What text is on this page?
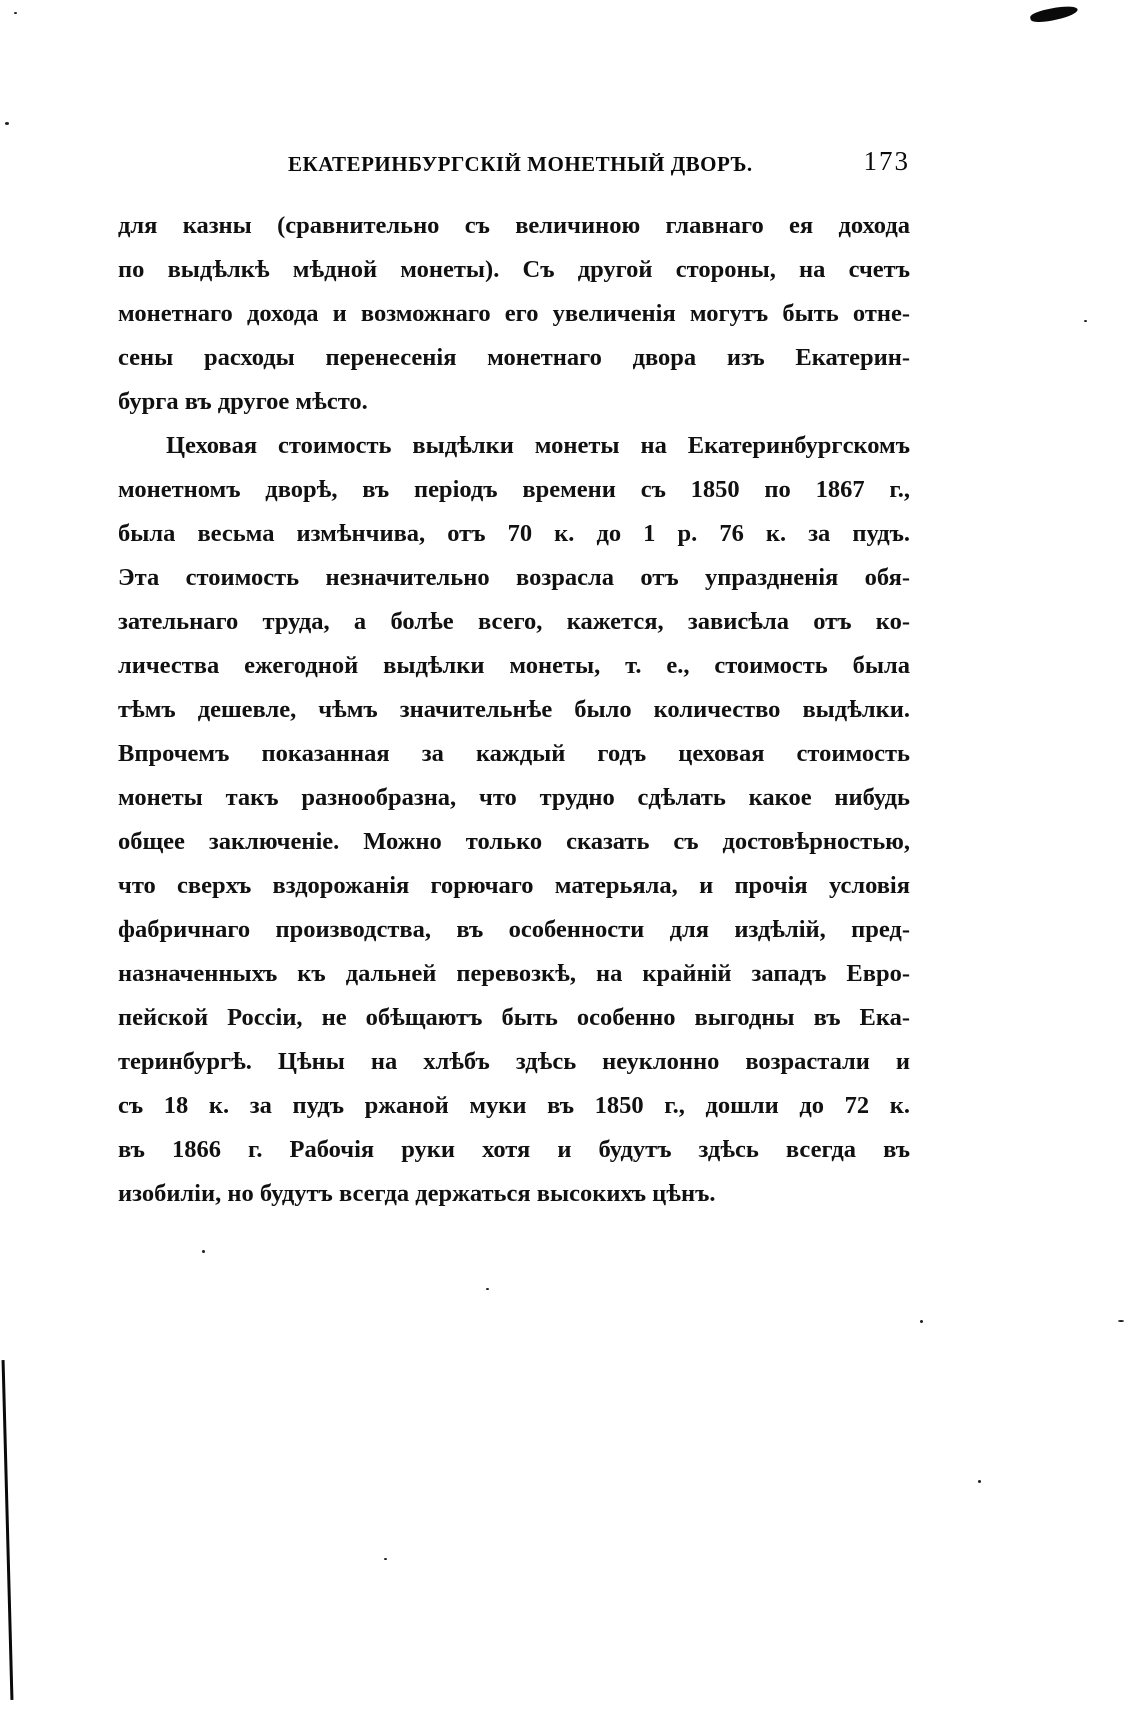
ЕКАТЕРИНБУРГСКІЙ МОНЕТНЫЙ ДВОРЪ.	173
для казны (сравнительно съ величиною главнаго ея дохода
по выдѣлкѣ мѣдной монеты). Съ другой стороны, на счетъ
монетнаго дохода и возможнаго его увеличенія могутъ быть отне-
сены расходы перенесенія монетнаго двора изъ Екатерин-
бурга въ другое мѣсто.
Цеховая стоимость выдѣлки монеты на Екатеринбургскомъ
монетномъ дворѣ, въ періодъ времени съ 1850 по 1867 г.,
была весьма измѣнчива, отъ 70 к. до 1 р. 76 к. за пудъ.
Эта стоимость незначительно возрасла отъ упраздненія обя-
зательнаго труда, а болѣе всего, кажется, зависѣла отъ ко-
личества ежегодной выдѣлки монеты, т. е., стоимость была
тѣмъ дешевле, чѣмъ значительнѣе было количество выдѣлки.
Впрочемъ показанная за каждый годъ цеховая стоимость
монеты такъ разнообразна, что трудно сдѣлать какое нибудь
общее заключеніе. Можно только сказать съ достовѣрностью,
что сверхъ вздорожанія горючаго матерьяла, и прочія условія
фабричнаго производства, въ особенности для издѣлій, пред-
назначенныхъ къ дальней перевозкѣ, на крайній западъ Евро-
пейской Россіи, не обѣщаютъ быть особенно выгодны въ Ека-
теринбургѣ. Цѣны на хлѣбъ здѣсь неуклонно возрастали и
съ 18 к. за пудъ ржаной муки въ 1850 г., дошли до 72 к.
въ 1866 г. Рабочія руки хотя и будутъ здѣсь всегда въ
изобиліи, но будутъ всегда держаться высокихъ цѣнъ.
